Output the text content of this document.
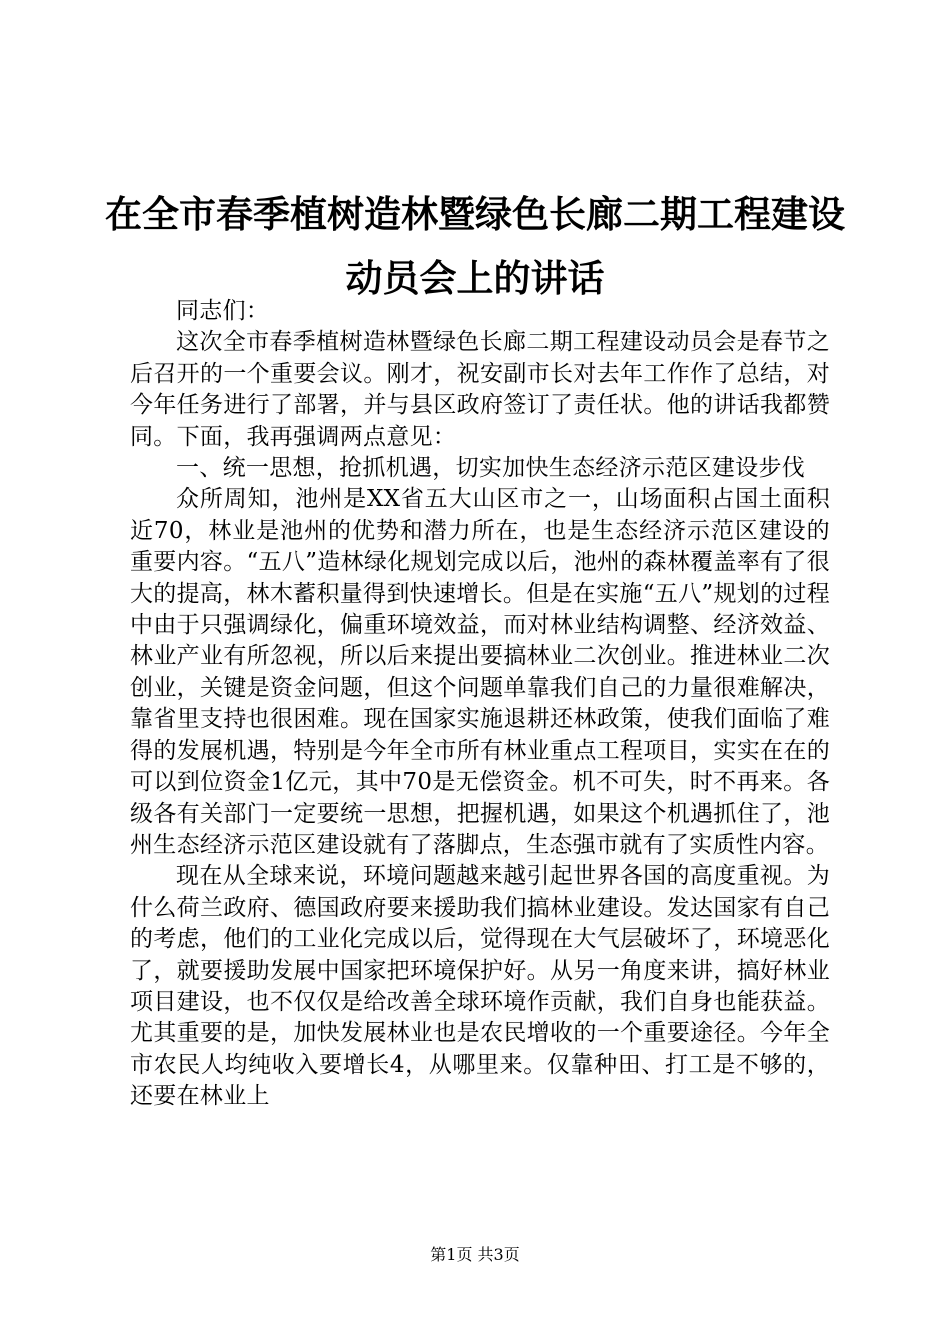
在全市春季植树造林暨绿色长廊二期工程建设
动员会上的讲话

同志们：

这次全市春季植树造林暨绿色长廊二期工程建设动员会是春节之后召开的一个重要会议。刚才，祝安副市长对去年工作作了总结，对今年任务进行了部署，并与县区政府签订了责任状。他的讲话我都赞同。下面，我再强调两点意见：

一、统一思想，抢抓机遇，切实加快生态经济示范区建设步伐

众所周知，池州是XX省五大山区市之一，山场面积占国土面积近70，林业是池州的优势和潜力所在，也是生态经济示范区建设的重要内容。“五八”造林绿化规划完成以后，池州的森林覆盖率有了很大的提高，林木蓄积量得到快速增长。但是在实施“五八”规划的过程中由于只强调绿化，偏重环境效益，而对林业结构调整、经济效益、林业产业有所忽视，所以后来提出要搞林业二次创业。推进林业二次创业，关键是资金问题，但这个问题单靠我们自己的力量很难解决，靠省里支持也很困难。现在国家实施退耕还林政策，使我们面临了难得的发展机遇，特别是今年全市所有林业重点工程项目，实实在在的可以到位资金1亿元，其中70是无偿资金。机不可失，时不再来。各级各有关部门一定要统一思想，把握机遇，如果这个机遇抓住了，池州生态经济示范区建设就有了落脚点，生态强市就有了实质性内容。

现在从全球来说，环境问题越来越引起世界各国的高度重视。为什么荷兰政府、德国政府要来援助我们搞林业建设。发达国家有自己的考虑，他们的工业化完成以后，觉得现在大气层破坏了，环境恶化了，就要援助发展中国家把环境保护好。从另一角度来讲，搞好林业项目建设，也不仅仅是给改善全球环境作贡献，我们自身也能获益。尤其重要的是，加快发展林业也是农民增收的一个重要途径。今年全市农民人均纯收入要增长4，从哪里来。仅靠种田、打工是不够的，还要在林业上

第1页 共3页
